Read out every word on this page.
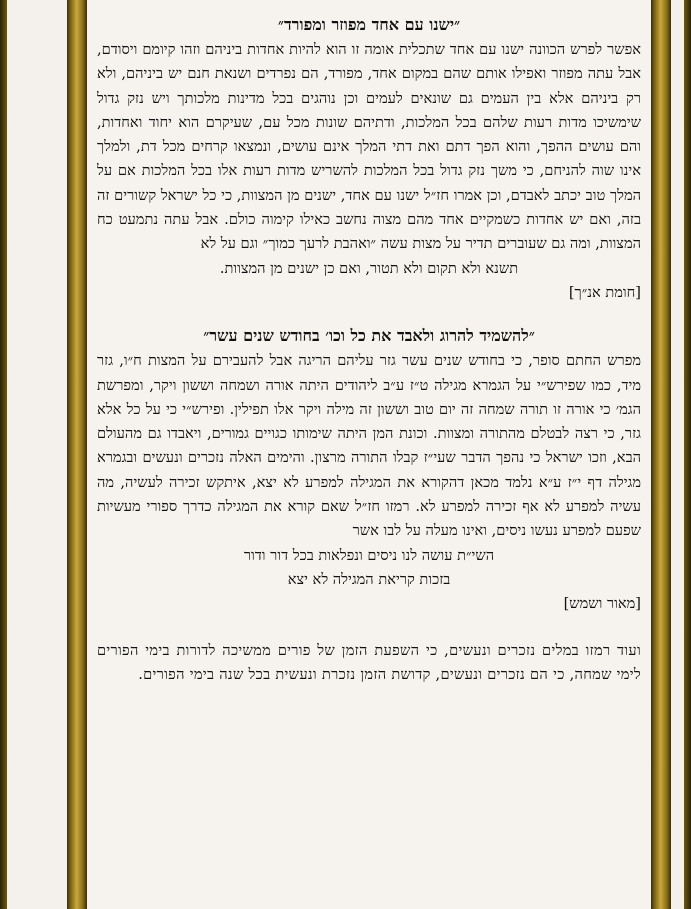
״ישנו עם אחד מפוזר ומפורד״

אפשר לפרש הכוונה ישנו עם אחד שתכלית אומה זו הוא להיות אחדות ביניהם וזהו קיומם ויסודם, אבל עתה מפוזר ואפילו אותם שהם במקום אחד, מפורד, הם נפרדים ושנאת חנם יש ביניהם, ולא רק ביניהם אלא בין העמים גם שונאים לעמים וכן נוהגים בכל מדינות מלכותך ויש נזק גדול שימשיכו מדות רעות שלהם בכל המלכות, ודתיהם שונות מכל עם, שעיקרם הוא יחוד ואחדות, והם עושים ההפך, והוא הפך דתם ואת דתי המלך אינם עושים, ונמצאו קרחים מכל דת, ולמלך אינו שוה להניחם, כי משך נזק גדול בכל המלכות להשריש מדות רעות אלו בכל המלכות אם על המלך טוב יכתב לאבדם, וכן אמרו חז״ל ישנו עם אחד, ישנים מן המצוות, כי כל ישראל קשורים זה בזה, ואם יש אחדות כשמקיים אחד מהם מצוה נחשב כאילו קימוה כולם. אבל עתה נתמעט כח המצוות, ומה גם שעוברים תדיר על מצות עשה ״ואהבת לרעך כמוך״ וגם על לא

תשנא ולא תקום ולא תטור, ואם כן ישנים מן המצוות.

[חומת אנ״ך]

״להשמיד להרוג ולאבד את כל וכו׳ בחודש שנים עשר״

מפרש החתם סופר, כי בחודש שנים עשר גזר עליהם הריגה אבל להעבירם על המצות ח״ו, גזר מיד, כמו שפירש״י על הגמרא מגילה ט״ז ע״ב ליהודים היתה אורה ושמחה וששון ויקר, ומפרשת הגמ׳ כי אורה זו תורה שמחה זה יום טוב וששון זה מילה ויקר אלו תפילין. ופירש״י כי על כל אלא גזר, כי רצה לבטלם מהתורה ומצוות. וכונת המן היתה שימותו כגויים גמורים, ויאבדו גם מהעולם הבא, וזכו ישראל כי נהפך הדבר שעי״ז קבלו התורה מרצון. והימים האלה נזכרים ונעשים ובגמרא מגילה דף י״ז ע״א נלמד מכאן דהקורא את המגילה למפרע לא יצא, איתקש זכירה לעשיה, מה עשיה למפרע לא אף זכירה למפרע לא. רמזו חז״ל שאם קורא את המגילה כדרך ספורי מעשיות שפעם למפרע נעשו ניסים, ואינו מעלה על לבו אשר

השי״ת עושה לנו ניסים ונפלאות בכל דור ודור

בזכות קריאת המגילה לא יצא

[מאור ושמש]

ועוד רמזו במלים נזכרים ונעשים, כי השפעת הזמן של פורים ממשיכה לדורות בימי הפורים לימי שמחה, כי הם נזכרים ונעשים, קדושת הזמן נזכרת ונעשית בכל שנה בימי הפורים.
